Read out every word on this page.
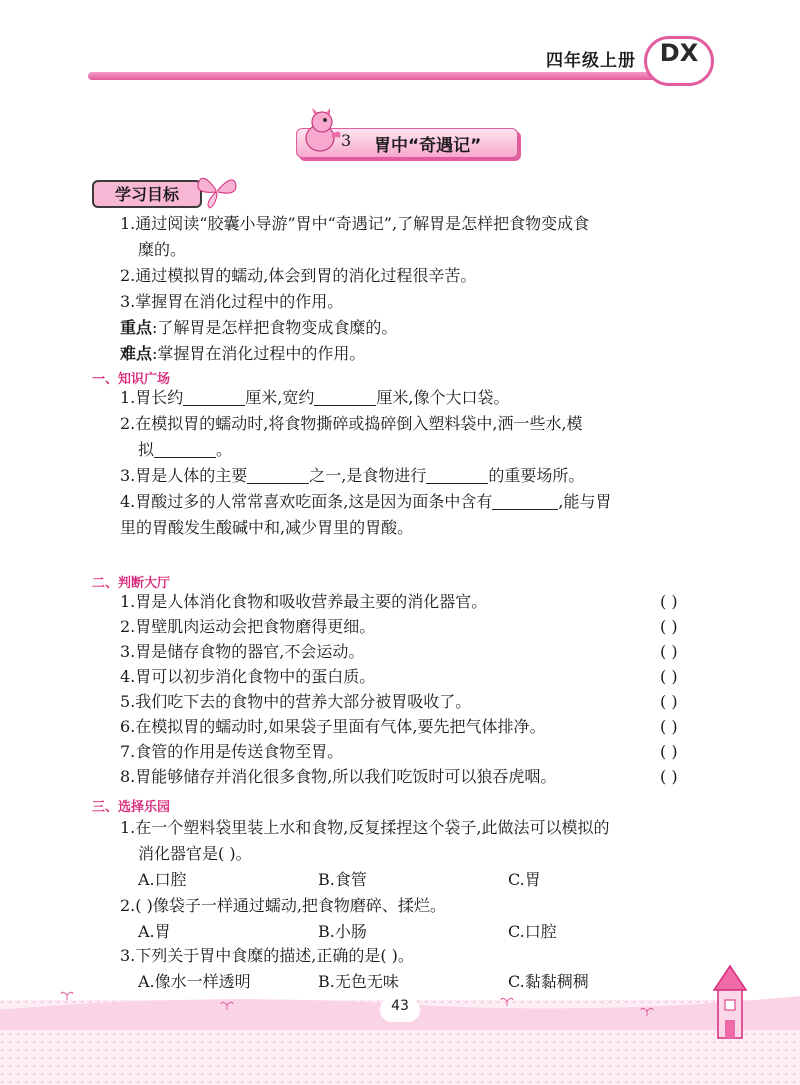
四年级上册 DX
3 胃中“奇遇记”
学习目标
1.通过阅读“胶囊小导游”胃中“奇遇记”,了解胃是怎样把食物变成食
糜的。
2.通过模拟胃的蠕动,体会到胃的消化过程很辛苦。
3.掌握胃在消化过程中的作用。
重点:了解胃是怎样把食物变成食糜的。
难点:掌握胃在消化过程中的作用。
一、知识广场
1.胃长约	厘米,宽约	厘米,像个大口袋。
2.在模拟胃的蠕动时,将食物撕碎或捣碎倒入塑料袋中,洒一些水,模
拟	。
3.胃是人体的主要	之一,是食物进行	的重要场所。
4.胃酸过多的人常常喜欢吃面条,这是因为面条中含有	,能与胃
里的胃酸发生酸碱中和,减少胃里的胃酸。
二、判断大厅
1.胃是人体消化食物和吸收营养最主要的消化器官。	( )
2.胃壁肌肉运动会把食物磨得更细。	( )
3.胃是储存食物的器官,不会运动。	( )
4.胃可以初步消化食物中的蛋白质。	( )
5.我们吃下去的食物中的营养大部分被胃吸收了。	( )
6.在模拟胃的蠕动时,如果袋子里面有气体,要先把气体排净。	( )
7.食管的作用是传送食物至胃。	( )
8.胃能够储存并消化很多食物,所以我们吃饭时可以狼吞虎咽。	( )
三、选择乐园
1.在一个塑料袋里装上水和食物,反复揉捏这个袋子,此做法可以模拟的
消化器官是( )。
A.口腔	B.食管	C.胃
2.( )像袋子一样通过蠕动,把食物磨碎、揉烂。
A.胃	B.小肠	C.口腔
3.下列关于胃中食糜的描述,正确的是( )。
A.像水一样透明	B.无色无味	C.黏黏稠稠
43
